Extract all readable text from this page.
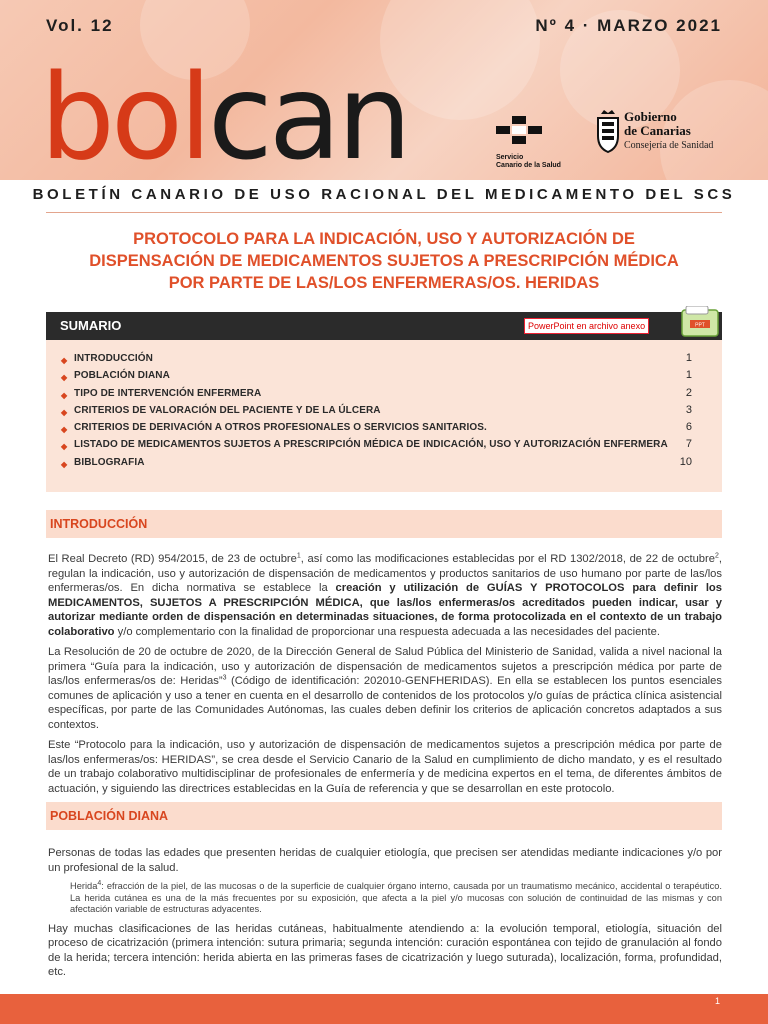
Vol. 12	Nº 4 · MARZO 2021
bolcan	Servicio
Canario de la Salud
Gobierno
de Canarias
Consejería de Sanidad
BOLETÍN CANARIO DE USO RACIONAL DEL MEDICAMENTO DEL SCS
PROTOCOLO PARA LA INDICACIÓN, USO Y AUTORIZACIÓN DE
DISPENSACIÓN DE MEDICAMENTOS SUJETOS A PRESCRIPCIÓN MÉDICA
POR PARTE DE LAS/LOS ENFERMERAS/OS. HERIDAS
SUMARIO	PowerPoint en archivo anexo	PPT
◆ INTRODUCCIÓN	1
◆ POBLACIÓN DIANA	1
◆ TIPO DE INTERVENCIÓN ENFERMERA	2
◆ CRITERIOS DE VALORACIÓN DEL PACIENTE Y DE LA ÚLCERA	3
◆ CRITERIOS DE DERIVACIÓN A OTROS PROFESIONALES O SERVICIOS SANITARIOS.	6
◆ LISTADO DE MEDICAMENTOS SUJETOS A PRESCRIPCIÓN MÉDICA DE INDICACIÓN, USO Y AUTORIZACIÓN ENFERMERA 7
◆ BIBLOGRAFIA	10
INTRODUCCIÓN

El Real Decreto (RD) 954/2015, de 23 de octubre$^1$, así como las modificaciones establecidas por el RD 1302/2018, de 22 de octubre$^2$, regulan la indicación, uso y autorización de dispensación de medicamentos y productos sanitarios de uso humano por parte de las/los enfermeras/os. En dicha normativa se establece la creación y utilización de GUÍAS Y PROTOCOLOS para definir los MEDICAMENTOS, SUJETOS A PRESCRIPCIÓN MÉDICA, que las/los enfermeras/os acreditados pueden indicar, usar y autorizar mediante orden de dispensación en determinadas situaciones, de forma protocolizada en el contexto de un trabajo colaborativo y/o complementario con la finalidad de proporcionar una respuesta adecuada a las necesidades del paciente.

La Resolución de 20 de octubre de 2020, de la Dirección General de Salud Pública del Ministerio de Sanidad, valida a nivel nacional la primera “Guía para la indicación, uso y autorización de dispensación de medicamentos sujetos a prescripción médica por parte de las/los enfermeras/os de: Heridas”$^3$ (Código de identificación: 202010-GENFHERIDAS). En ella se establecen los puntos esenciales comunes de aplicación y uso a tener en cuenta en el desarrollo de contenidos de los protocolos y/o guías de práctica clínica asistencial específicas, por parte de las Comunidades Autónomas, las cuales deben definir los criterios de aplicación concretos adaptados a sus contextos.

Este “Protocolo para la indicación, uso y autorización de dispensación de medicamentos sujetos a prescripción médica por parte de las/los enfermeras/os: HERIDAS”, se crea desde el Servicio Canario de la Salud en cumplimiento de dicho mandato, y es el resultado de un trabajo colaborativo multidisciplinar de profesionales de enfermería y de medicina expertos en el tema, de diferentes ámbitos de actuación, y siguiendo las directrices establecidas en la Guía de referencia y que se desarrollan en este protocolo.

POBLACIÓN DIANA

Personas de todas las edades que presenten heridas de cualquier etiología, que precisen ser atendidas mediante indicaciones y/o por un profesional de la salud.

Herida$^4$: efracción de la piel, de las mucosas o de la superficie de cualquier órgano interno, causada por un traumatismo mecánico, accidental o terapéutico. La herida cutánea es una de la más frecuentes por su exposición, que afecta a la piel y/o mucosas con solución de continuidad de las mismas y con afectación variable de estructuras adyacentes.

Hay muchas clasificaciones de las heridas cutáneas, habitualmente atendiendo a: la evolución temporal, etiología, situación del proceso de cicatrización (primera intención: sutura primaria; segunda intención: curación espontánea con tejido de granulación al fondo de la herida; tercera intención: herida abierta en las primeras fases de cicatrización y luego suturada), localización, forma, profundidad, etc.

1
